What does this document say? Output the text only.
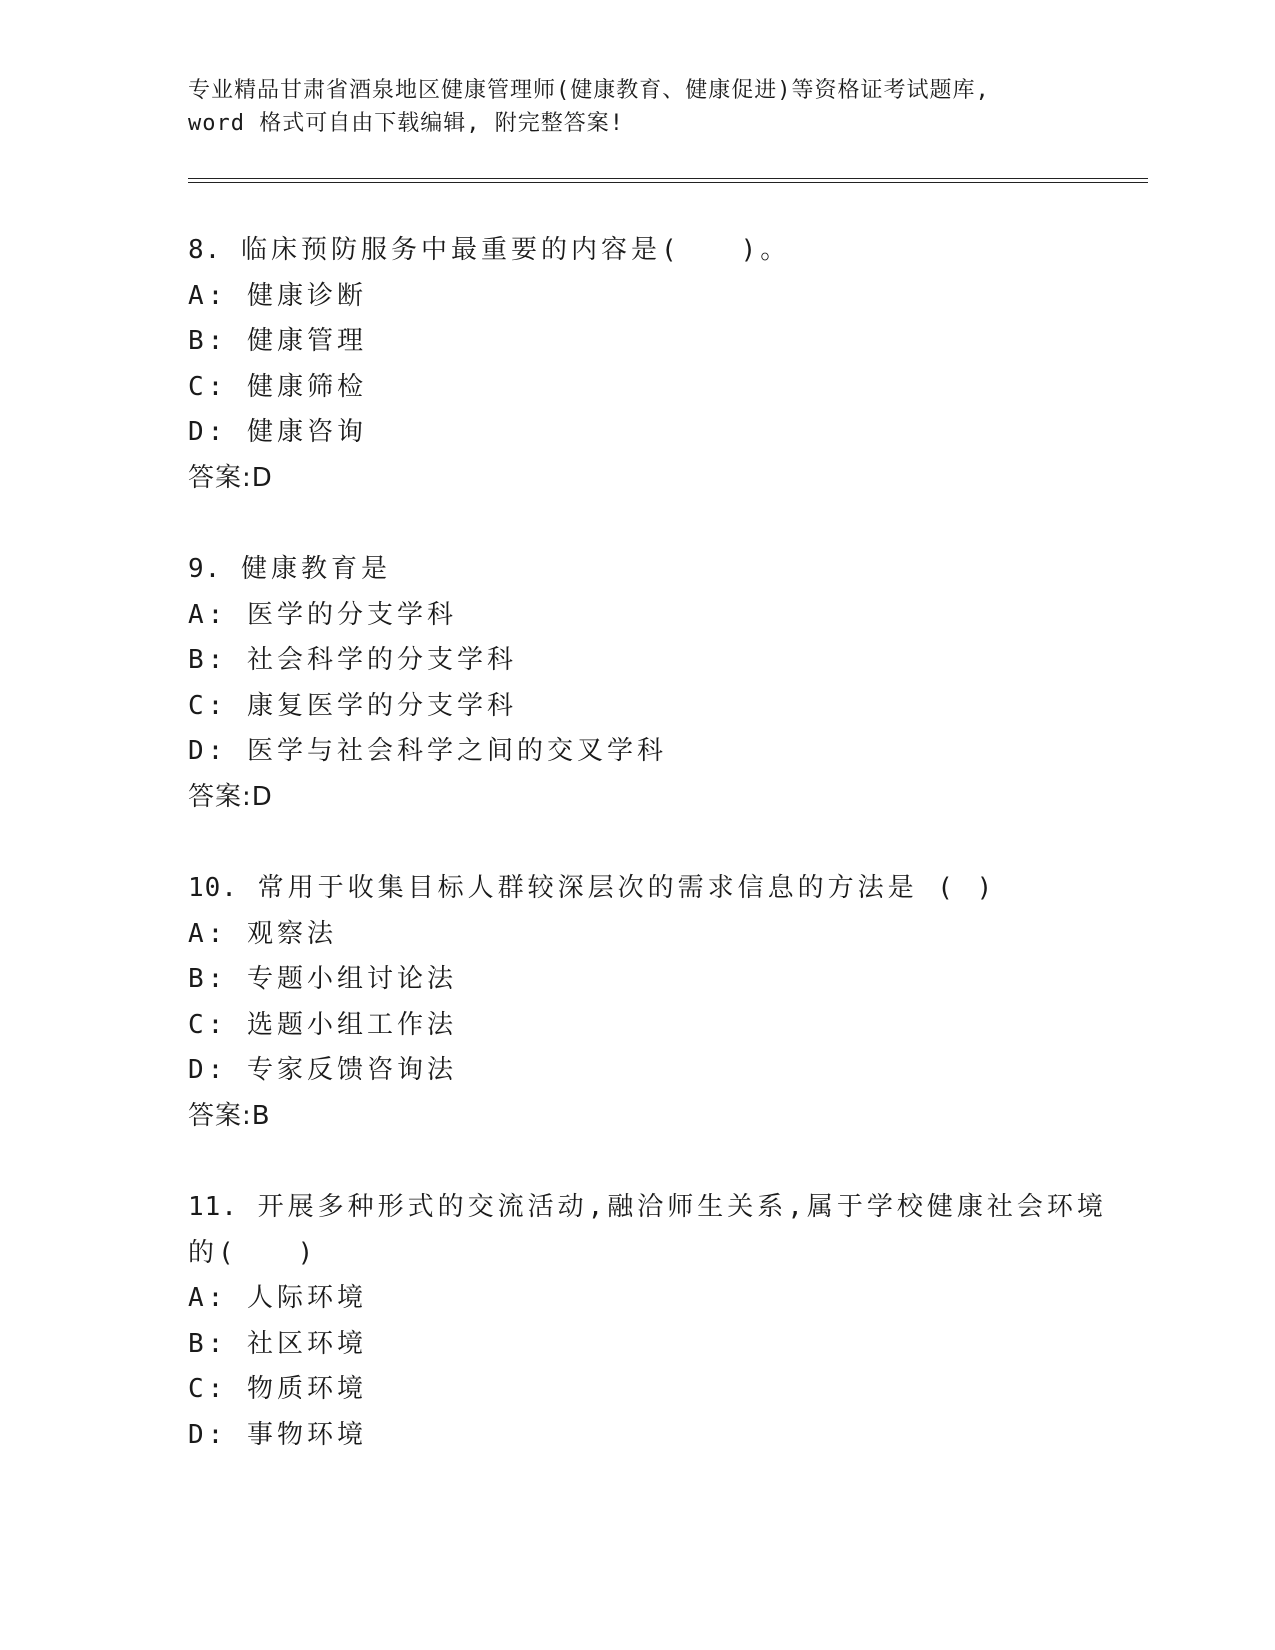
专业精品甘肃省酒泉地区健康管理师(健康教育、健康促进)等资格证考试题库,
word 格式可自由下载编辑, 附完整答案!
8. 临床预防服务中最重要的内容是(　　)。
A: 健康诊断
B: 健康管理
C: 健康筛检
D: 健康咨询
答案:D
9. 健康教育是
A: 医学的分支学科
B: 社会科学的分支学科
C: 康复医学的分支学科
D: 医学与社会科学之间的交叉学科
答案:D
10. 常用于收集目标人群较深层次的需求信息的方法是 ( )
A: 观察法
B: 专题小组讨论法
C: 选题小组工作法
D: 专家反馈咨询法
答案:B
11. 开展多种形式的交流活动,融洽师生关系,属于学校健康社会环境
的(　　)
A: 人际环境
B: 社区环境
C: 物质环境
D: 事物环境
